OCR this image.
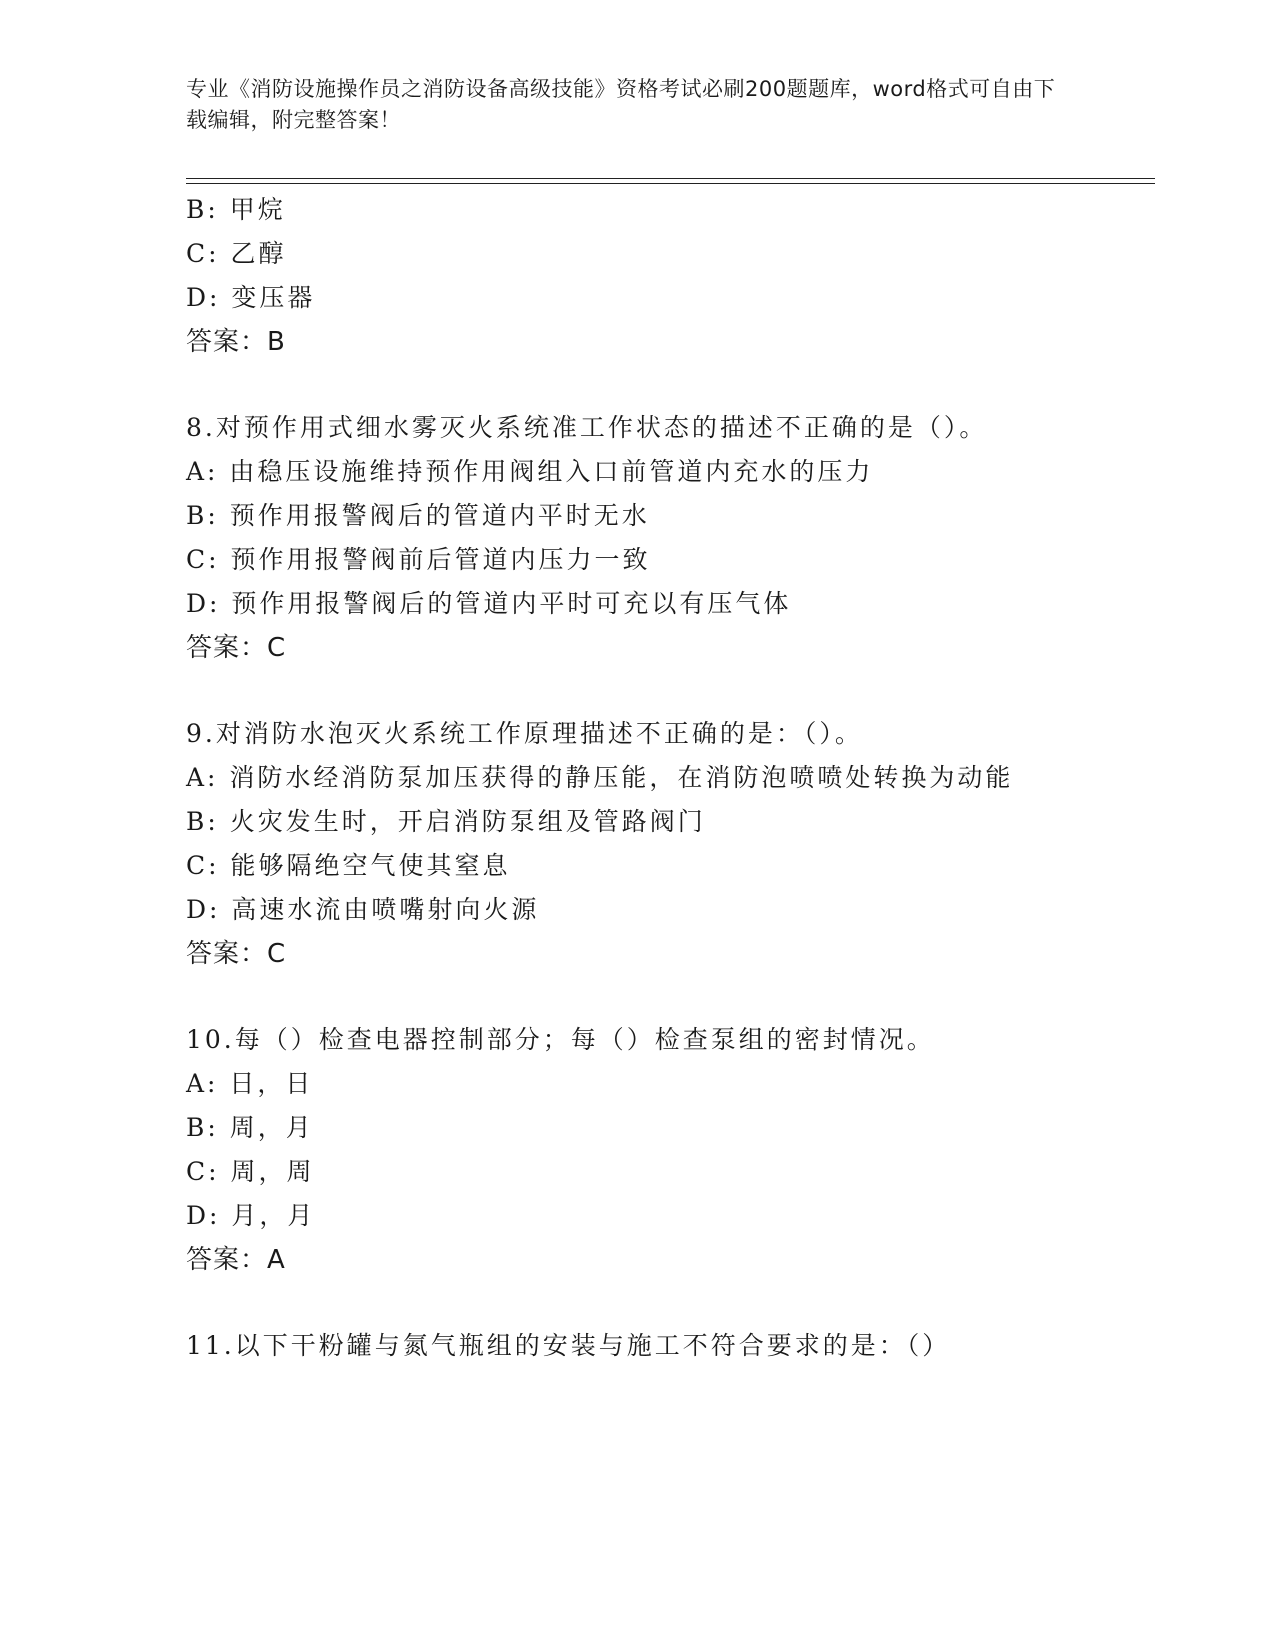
专业《消防设施操作员之消防设备高级技能》资格考试必刷200题题库，word格式可自由下载编辑，附完整答案！
B: 甲烷
C: 乙醇
D: 变压器
答案：B
8.对预作用式细水雾灭火系统准工作状态的描述不正确的是（）。
A: 由稳压设施维持预作用阀组入口前管道内充水的压力
B: 预作用报警阀后的管道内平时无水
C: 预作用报警阀前后管道内压力一致
D: 预作用报警阀后的管道内平时可充以有压气体
答案：C
9.对消防水泡灭火系统工作原理描述不正确的是：（）。
A: 消防水经消防泵加压获得的静压能，在消防泡喷喷处转换为动能
B: 火灾发生时，开启消防泵组及管路阀门
C: 能够隔绝空气使其窒息
D: 高速水流由喷嘴射向火源
答案：C
10.每（）检查电器控制部分；每（）检查泵组的密封情况。
A: 日，日
B: 周，月
C: 周，周
D: 月，月
答案：A
11.以下干粉罐与氮气瓶组的安装与施工不符合要求的是：（）
